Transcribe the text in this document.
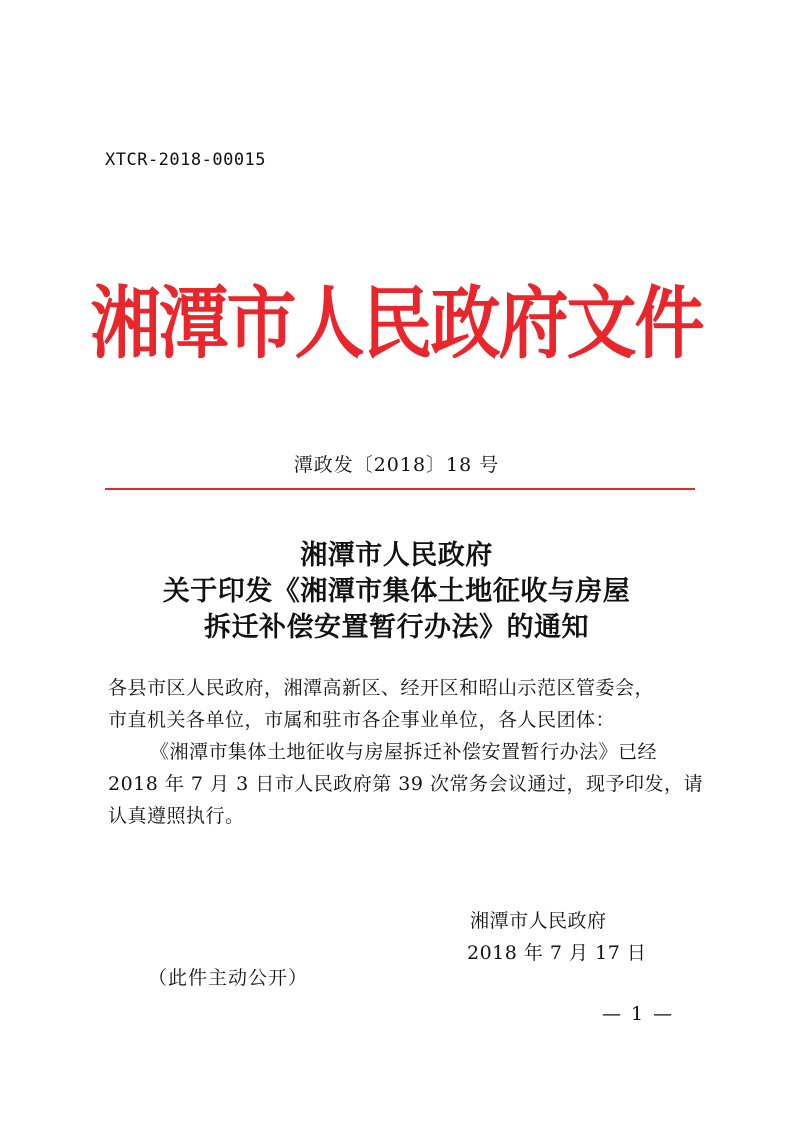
XTCR-2018-00015
湘潭市人民政府文件
潭政发〔2018〕18 号
湘潭市人民政府
关于印发《湘潭市集体土地征收与房屋
拆迁补偿安置暂行办法》的通知
各县市区人民政府，湘潭高新区、经开区和昭山示范区管委会，
市直机关各单位，市属和驻市各企事业单位，各人民团体：
《湘潭市集体土地征收与房屋拆迁补偿安置暂行办法》已经
2018 年 7 月 3 日市人民政府第 39 次常务会议通过，现予印发，请
认真遵照执行。
湘潭市人民政府
2018 年 7 月 17 日
（此件主动公开）
— 1 —
